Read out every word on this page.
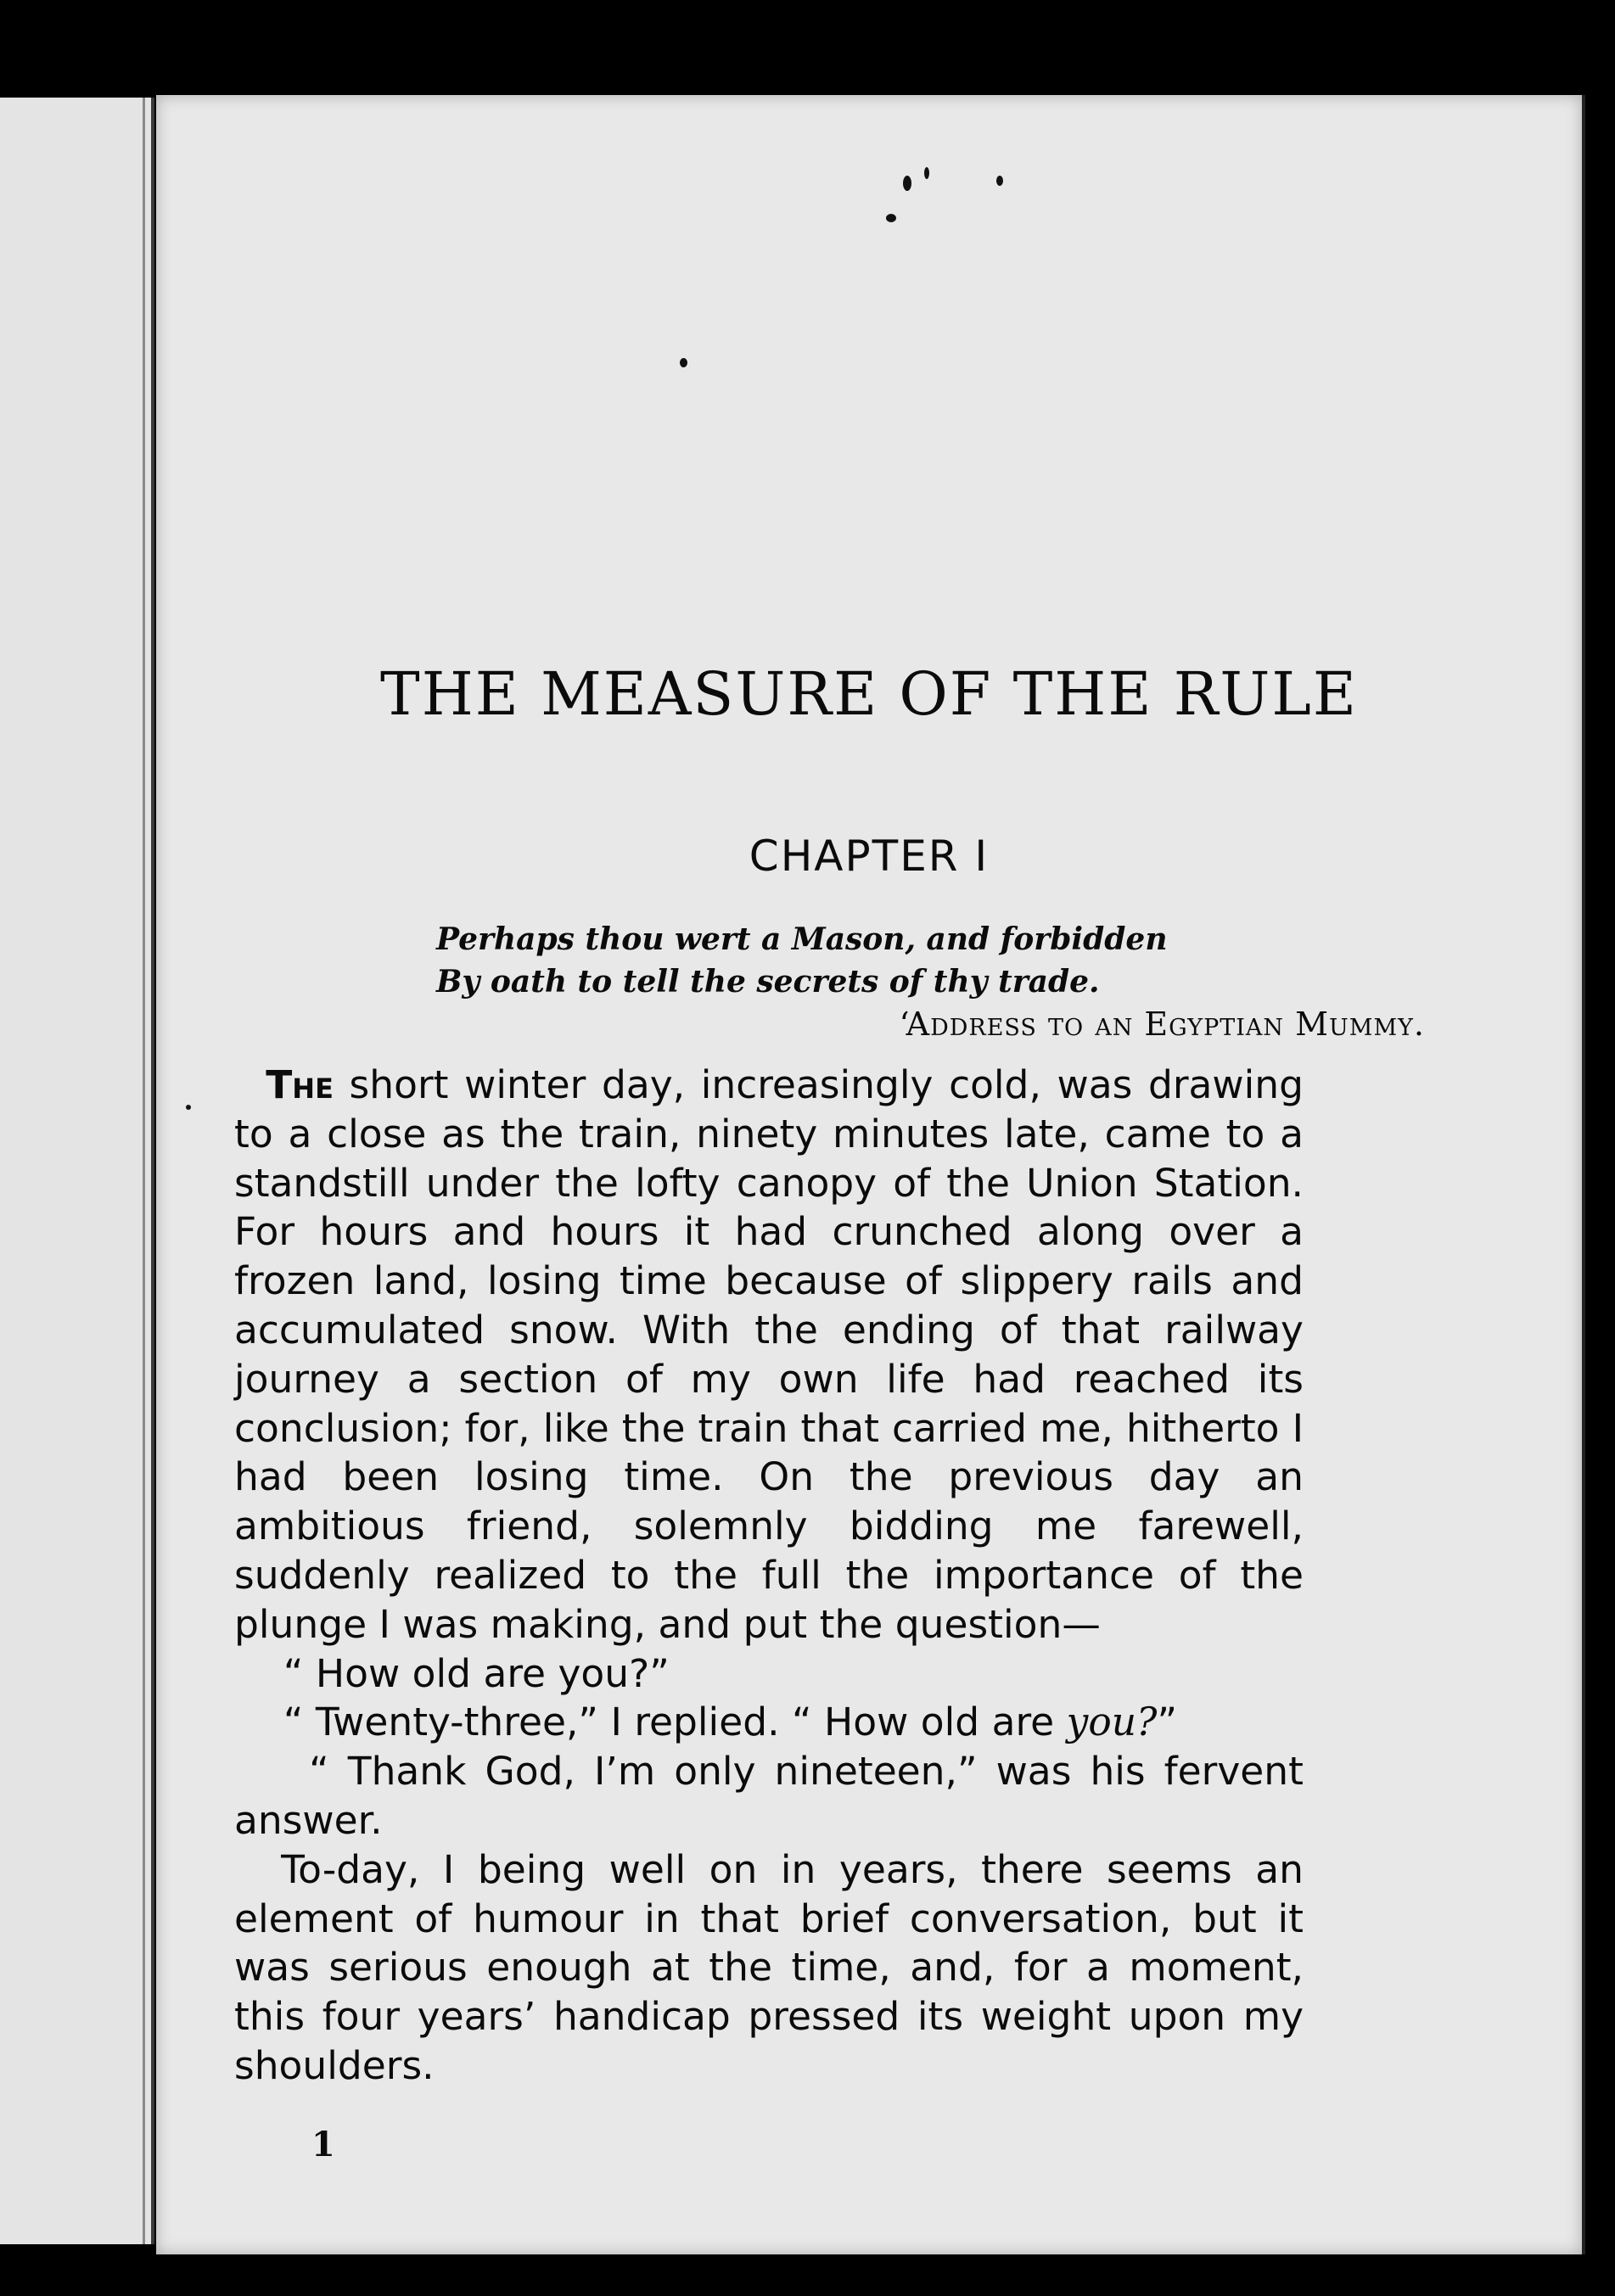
THE MEASURE OF THE RULE
CHAPTER I
Perhaps thou wert a Mason, and forbidden
By oath to tell the secrets of thy trade.
‘Address to an Egyptian Mummy.

The short winter day, increasingly cold, was drawing to a close as the train, ninety minutes late, came to a standstill under the lofty canopy of the Union Station. For hours and hours it had crunched along over a frozen land, losing time because of slippery rails and accumulated snow. With the ending of that railway journey a section of my own life had reached its conclusion; for, like the train that carried me, hitherto I had been losing time. On the previous day an ambitious friend, solemnly bidding me farewell, suddenly realized to the full the importance of the plunge I was making, and put the question—

“ How old are you?”

“ Twenty-three,” I replied. “ How old are you?”

“ Thank God, I’m only nineteen,” was his fervent answer.

To-day, I being well on in years, there seems an element of humour in that brief conversation, but it was serious enough at the time, and, for a moment, this four years’ handicap pressed its weight upon my shoulders.

1
